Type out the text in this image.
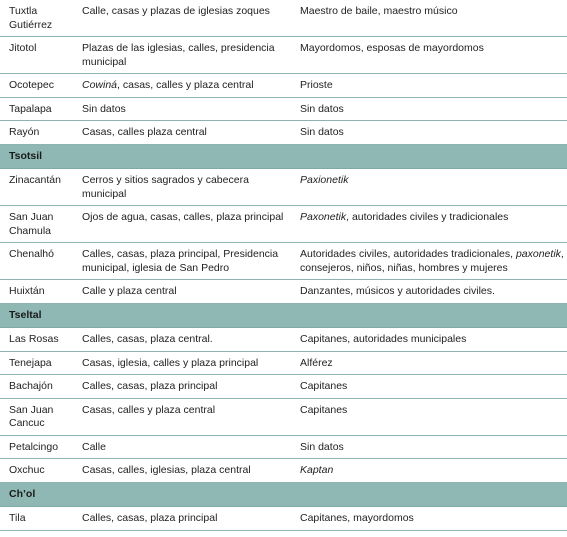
Tuxtla Gutiérrez	Calle, casas y plazas de iglesias zoques	Maestro de baile, maestro músico
Jitotol	Plazas de las iglesias, calles, presidencia municipal	Mayordomos, esposas de mayordomos
Ocotepec	Cowiná, casas, calles y plaza central	Prioste
Tapalapa	Sin datos	Sin datos
Rayón	Casas, calles plaza central	Sin datos
Tsotsil		
Zinacantán	Cerros y sitios sagrados y cabecera municipal	Paxionetik
San Juan Chamula	Ojos de agua, casas, calles, plaza principal	Paxonetik, autoridades civiles y tradicionales
Chenalhó	Calles, casas, plaza principal, Presidencia municipal, iglesia de San Pedro	Autoridades civiles, autoridades tradicionales, paxonetik, consejeros, niños, niñas, hombres y mujeres
Huixtán	Calle y plaza central	Danzantes, músicos y autoridades civiles.
Tseltal		
Las Rosas	Calles, casas, plaza central.	Capitanes, autoridades municipales
Tenejapa	Casas, iglesia, calles y plaza principal	Alférez
Bachajón	Calles, casas, plaza principal	Capitanes
San Juan Cancuc	Casas, calles y plaza central	Capitanes
Petalcingo	Calle	Sin datos
Oxchuc	Casas, calles, iglesias, plaza central	Kaptan
Ch’ol		
Tila	Calles, casas, plaza principal	Capitanes, mayordomos
